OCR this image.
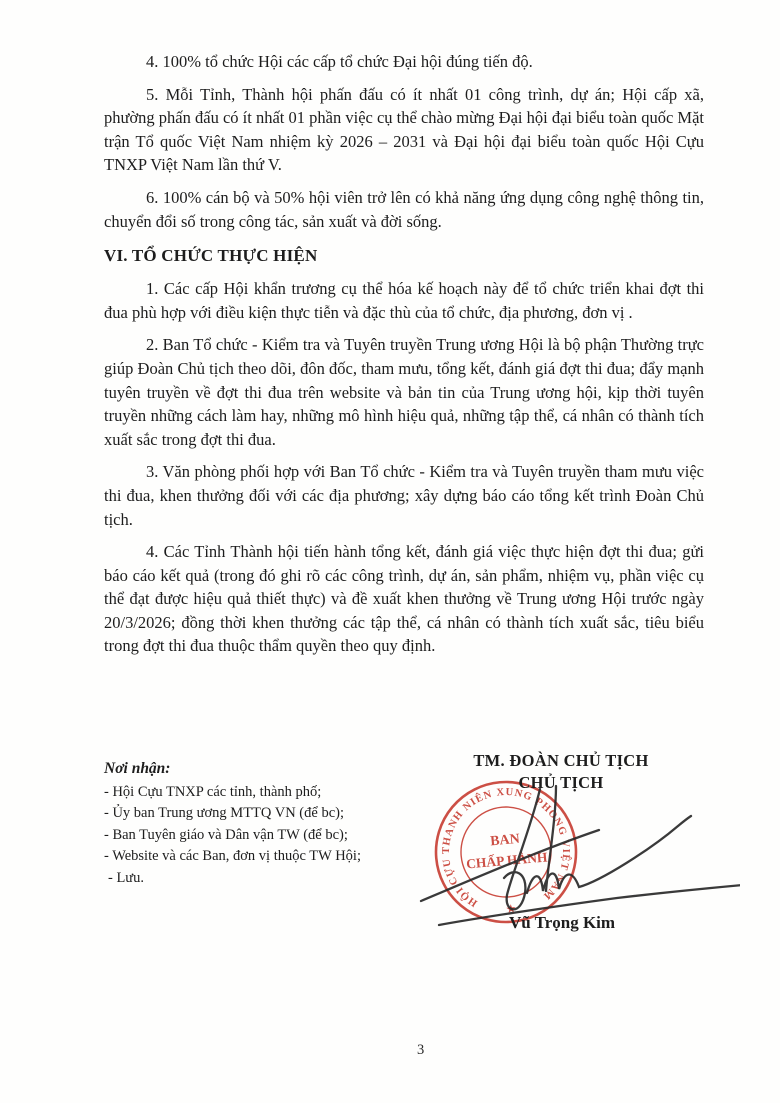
4. 100% tổ chức Hội các cấp tổ chức Đại hội đúng tiến độ.

5. Mỗi Tỉnh, Thành hội phấn đấu có ít nhất 01 công trình, dự án; Hội cấp xã, phường phấn đấu có ít nhất 01 phần việc cụ thể chào mừng Đại hội đại biểu toàn quốc Mặt trận Tổ quốc Việt Nam nhiệm kỳ 2026 – 2031 và Đại hội đại biểu toàn quốc Hội Cựu TNXP Việt Nam lần thứ V.

6. 100% cán bộ và 50% hội viên trở lên có khả năng ứng dụng công nghệ thông tin, chuyển đổi số trong công tác, sản xuất và đời sống.

VI. TỔ CHỨC THỰC HIỆN

1. Các cấp Hội khẩn trương cụ thể hóa kế hoạch này để tổ chức triển khai đợt thi đua phù hợp với điều kiện thực tiễn và đặc thù của tổ chức, địa phương, đơn vị .

2. Ban Tổ chức - Kiểm tra và Tuyên truyền Trung ương Hội là bộ phận Thường trực giúp Đoàn Chủ tịch theo dõi, đôn đốc, tham mưu, tổng kết, đánh giá đợt thi đua; đẩy mạnh tuyên truyền về đợt thi đua trên website và bản tin của Trung ương hội, kịp thời tuyên truyền những cách làm hay, những mô hình hiệu quả, những tập thể, cá nhân có thành tích xuất sắc trong đợt thi đua.

3. Văn phòng phối hợp với Ban Tổ chức - Kiểm tra và Tuyên truyền tham mưu việc thi đua, khen thưởng đối với các địa phương; xây dựng báo cáo tổng kết trình Đoàn Chủ tịch.

4. Các Tỉnh Thành hội tiến hành tổng kết, đánh giá việc thực hiện đợt thi đua; gửi báo cáo kết quả (trong đó ghi rõ các công trình, dự án, sản phẩm, nhiệm vụ, phần việc cụ thể đạt được hiệu quả thiết thực) và đề xuất khen thưởng về Trung ương Hội trước ngày 20/3/2026; đồng thời khen thưởng các tập thể, cá nhân có thành tích xuất sắc, tiêu biểu trong đợt thi đua thuộc thẩm quyền theo quy định.

Nơi nhận:
- Hội Cựu TNXP các tỉnh, thành phố;
- Ủy ban Trung ương MTTQ VN (để bc);
- Ban Tuyên giáo và Dân vận TW (để bc);
- Website và các Ban, đơn vị thuộc TW Hội;
- Lưu.
TM. ĐOÀN CHỦ TỊCH
CHỦ TỊCH
HỘI CỰU THANH NIÊN XUNG PHONG VIỆT NAM
BAN
CHẤP HÀNH
★
Vũ Trọng Kim
3
